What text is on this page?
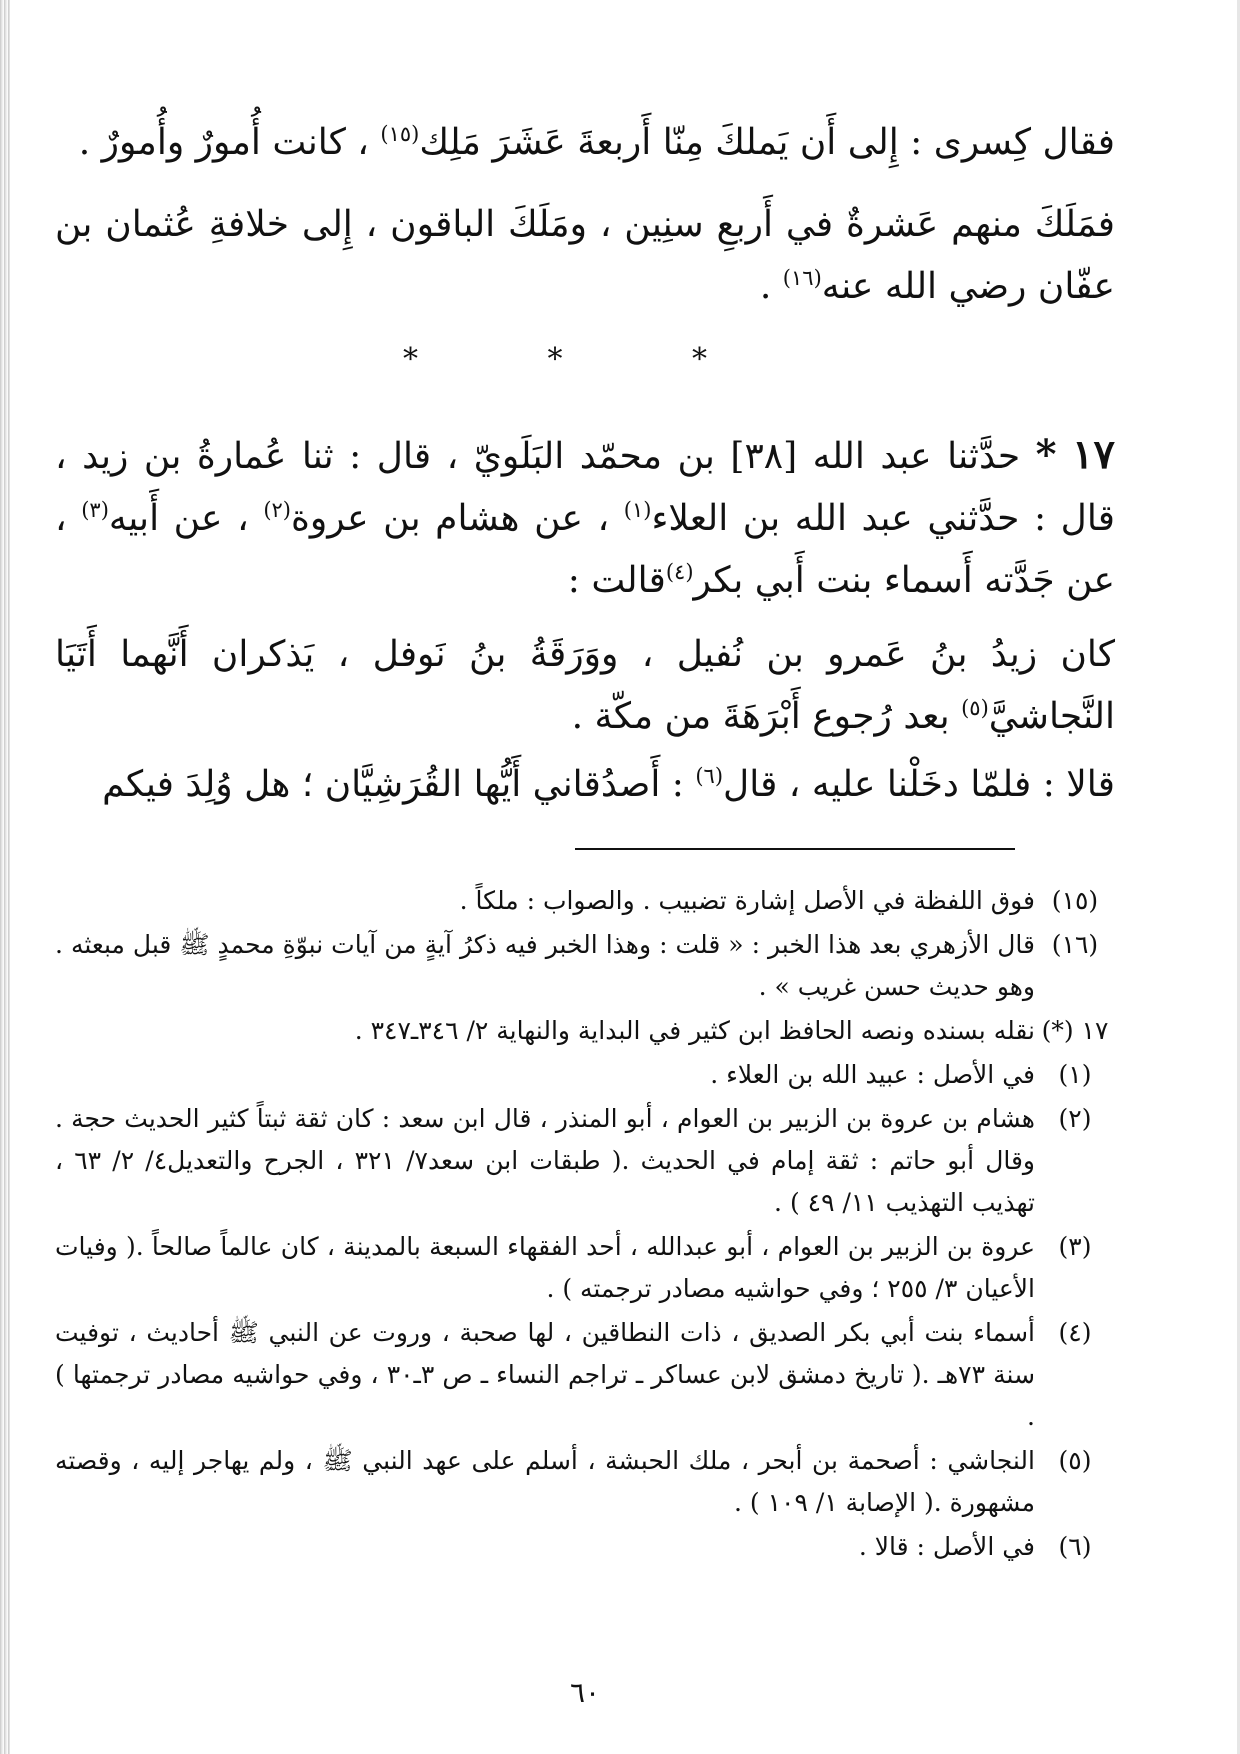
فقال كِسرى : إِلى أَن يَملكَ مِنّا أَربعةَ عَشَرَ مَلِك$^{(١٥)}$ ، كانت أُمورٌ وأُمورٌ .

فمَلَكَ منهم عَشرةٌ في أَربعِ سنِين ، ومَلَكَ الباقون ، إِلى خلافةِ عُثمان بن عفّان رضي الله عنه$^{(١٦)}$ .

* * *

١٧ * حدَّثنا عبد الله [٣٨] بن محمّد البَلَويّ ، قال : ثنا عُمارةُ بن زيد ، قال : حدَّثني عبد الله بن العلاء$^{(١)}$ ، عن هشام بن عروة$^{(٢)}$ ، عن أَبيه$^{(٣)}$ ، عن جَدَّته أَسماء بنت أَبي بكر$^{(٤)}$قالت :

كان زيدُ بنُ عَمرو بن نُفيل ، ووَرَقَةُ بنُ نَوفل ، يَذكران أَنَّهما أَتَيَا النَّجاشيَّ$^{(٥)}$ بعد رُجوع أَبْرَهَةَ من مكّة .

قالا : فلمّا دخَلْنا عليه ، قال$^{(٦)}$ : أَصدُقاني أَيُّها القُرَشِيَّان ؛ هل وُلِدَ فيكم

(١٥)
فوق اللفظة في الأصل إشارة تضبيب . والصواب : ملكاً .
(١٦)
قال الأزهري بعد هذا الخبر : « قلت : وهذا الخبر فيه ذكرُ آيةٍ من آيات نبوّةِ محمدٍ ﷺ قبل مبعثه . وهو حديث حسن غريب » .
١٧ (*)
نقله بسنده ونصه الحافظ ابن كثير في البداية والنهاية ٢/ ٣٤٦ـ٣٤٧ .
(١)
في الأصل : عبيد الله بن العلاء .
(٢)
هشام بن عروة بن الزبير بن العوام ، أبو المنذر ، قال ابن سعد : كان ثقة ثبتاً كثير الحديث حجة . وقال أبو حاتم : ثقة إمام في الحديث .( طبقات ابن سعد٧/ ٣٢١ ، الجرح والتعديل٤/ ٢/ ٦٣ ، تهذيب التهذيب ١١/ ٤٩ ) .
(٣)
عروة بن الزبير بن العوام ، أبو عبدالله ، أحد الفقهاء السبعة بالمدينة ، كان عالماً صالحاً .( وفيات الأعيان ٣/ ٢٥٥ ؛ وفي حواشيه مصادر ترجمته ) .
(٤)
أسماء بنت أبي بكر الصديق ، ذات النطاقين ، لها صحبة ، وروت عن النبي ﷺ أحاديث ، توفيت سنة ٧٣هـ .( تاريخ دمشق لابن عساكر ـ تراجم النساء ـ ص ٣ـ٣٠ ، وفي حواشيه مصادر ترجمتها ) .
(٥)
النجاشي : أصحمة بن أبحر ، ملك الحبشة ، أسلم على عهد النبي ﷺ ، ولم يهاجر إليه ، وقصته مشهورة .( الإصابة ١/ ١٠٩ ) .
(٦)
في الأصل : قالا .
٦٠
